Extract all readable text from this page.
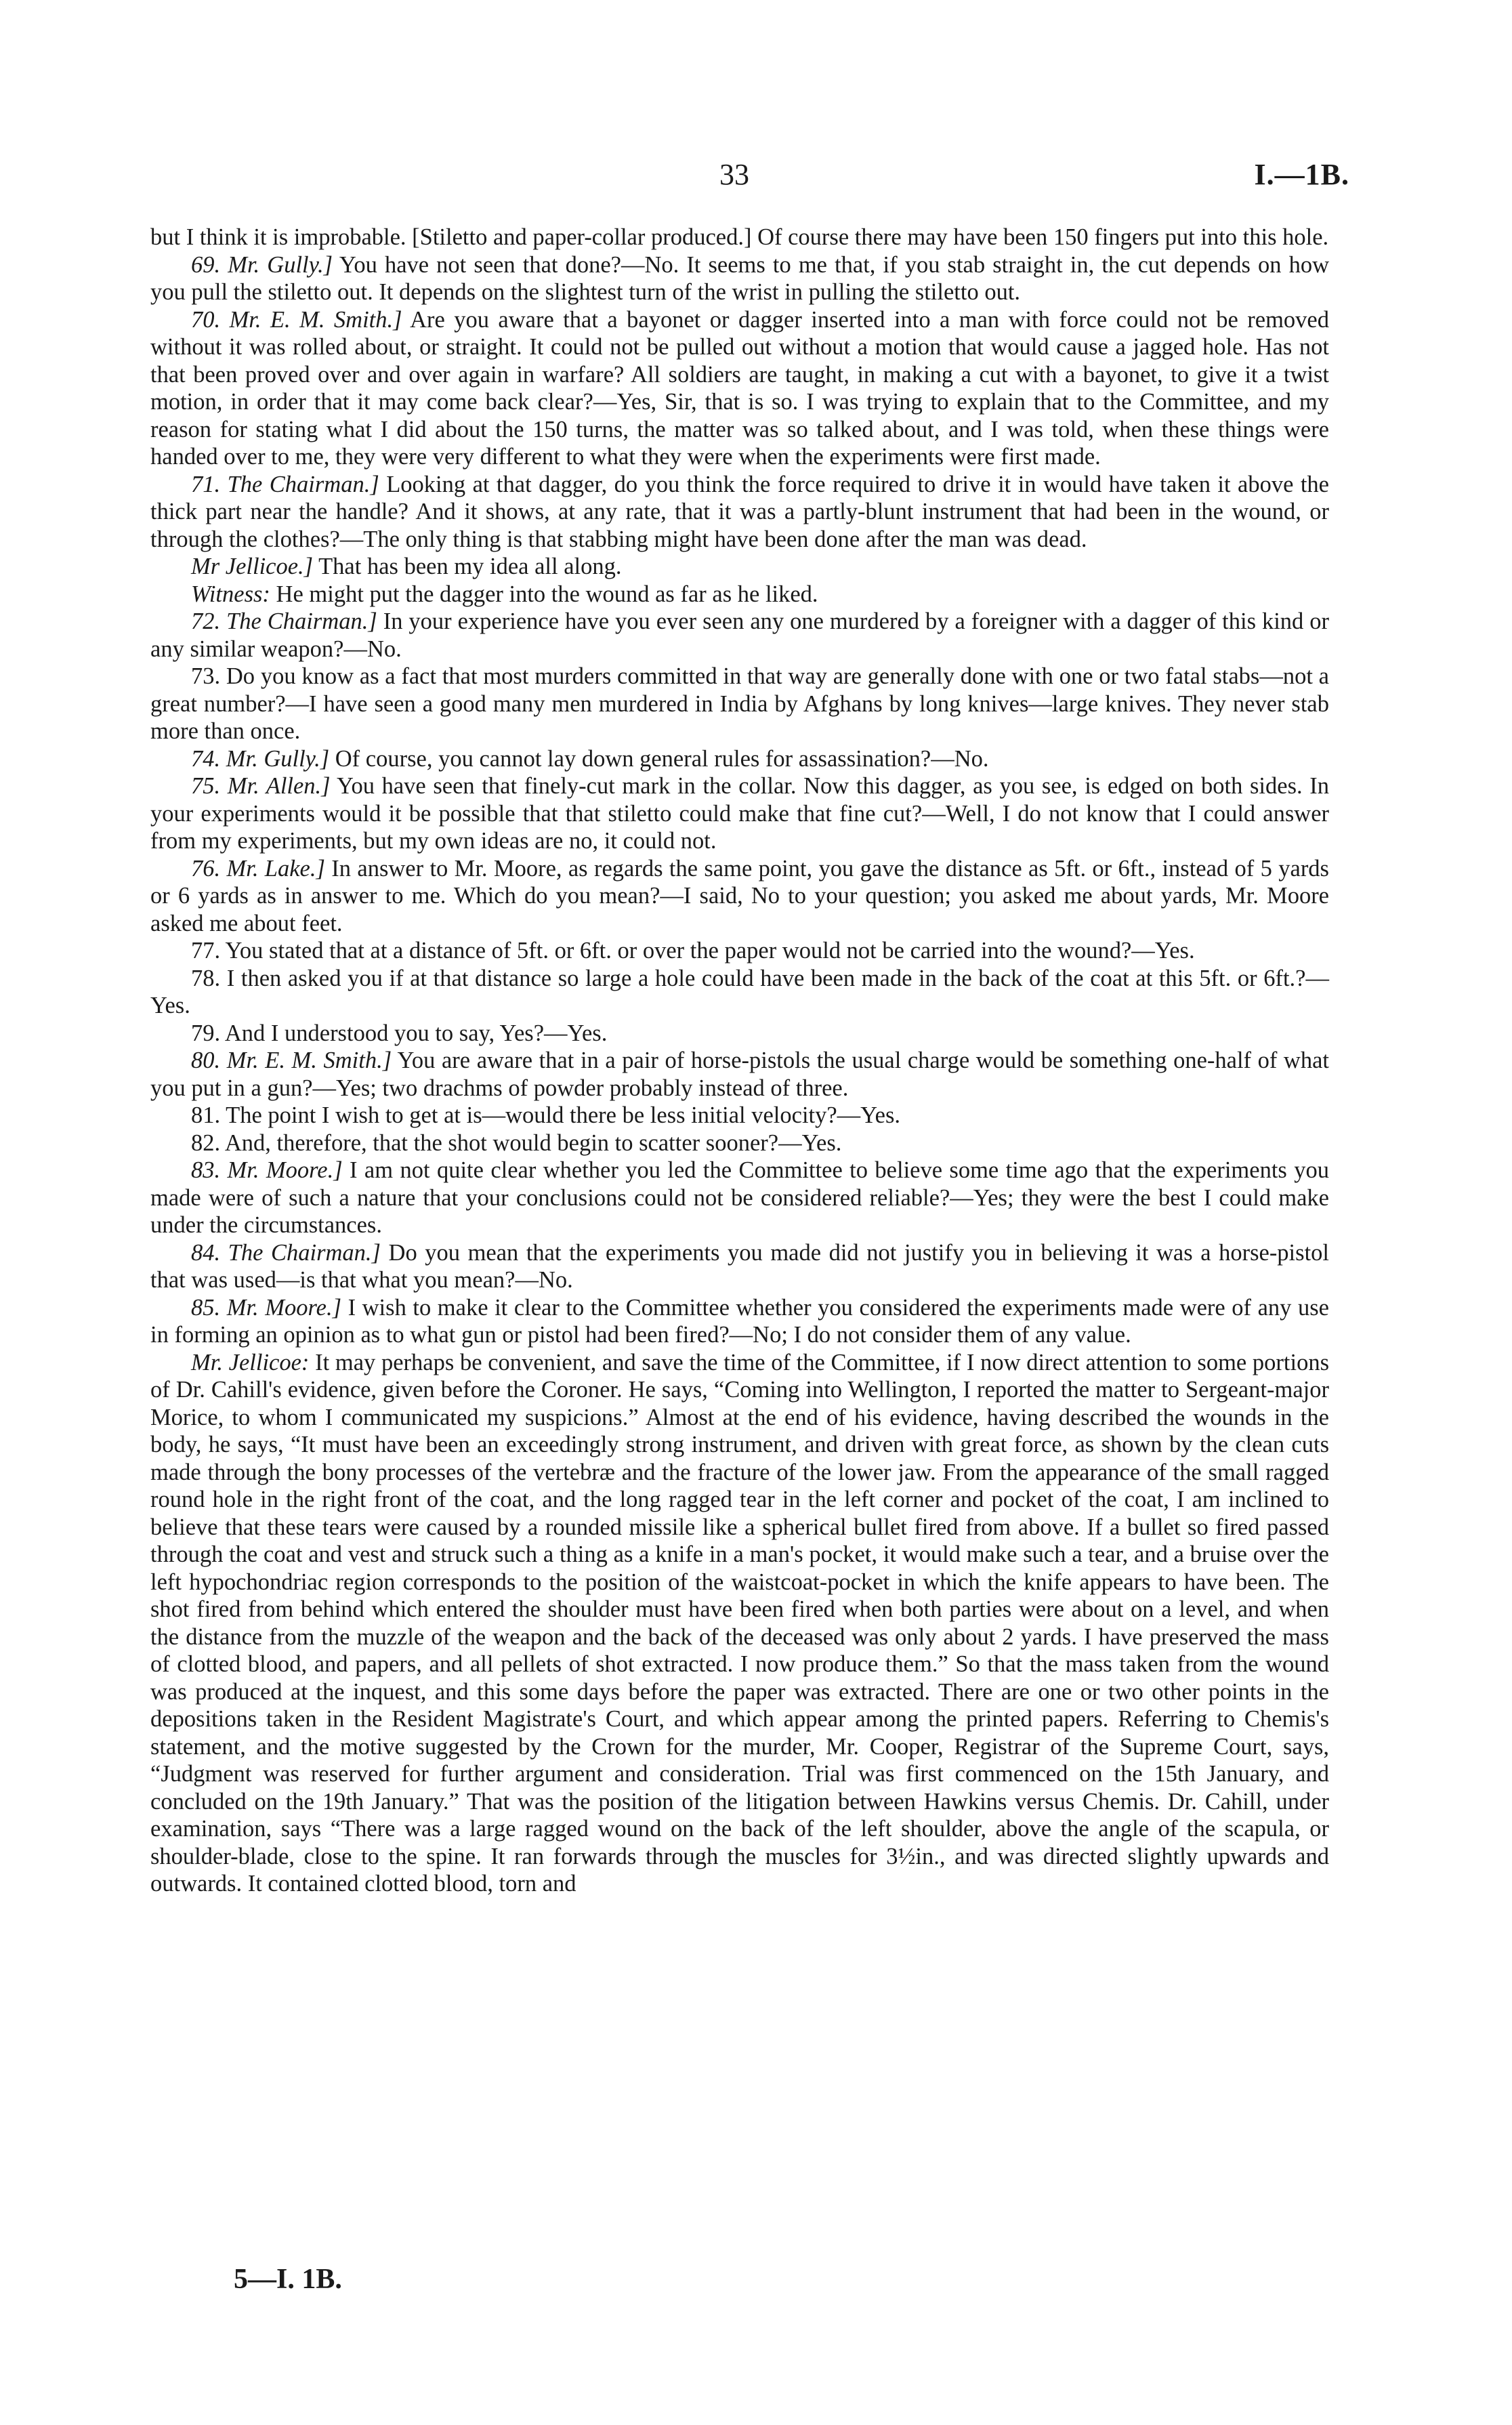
33	I.—1B.

but I think it is improbable. [Stiletto and paper-collar produced.] Of course there may have been 150 fingers put into this hole.

69. Mr. Gully.] You have not seen that done?—No. It seems to me that, if you stab straight in, the cut depends on how you pull the stiletto out. It depends on the slightest turn of the wrist in pulling the stiletto out.

70. Mr. E. M. Smith.] Are you aware that a bayonet or dagger inserted into a man with force could not be removed without it was rolled about, or straight. It could not be pulled out without a motion that would cause a jagged hole. Has not that been proved over and over again in warfare? All soldiers are taught, in making a cut with a bayonet, to give it a twist motion, in order that it may come back clear?—Yes, Sir, that is so. I was trying to explain that to the Committee, and my reason for stating what I did about the 150 turns, the matter was so talked about, and I was told, when these things were handed over to me, they were very different to what they were when the experiments were first made.

71. The Chairman.] Looking at that dagger, do you think the force required to drive it in would have taken it above the thick part near the handle? And it shows, at any rate, that it was a partly-blunt instrument that had been in the wound, or through the clothes?—The only thing is that stabbing might have been done after the man was dead.

Mr Jellicoe.] That has been my idea all along.

Witness: He might put the dagger into the wound as far as he liked.

72. The Chairman.] In your experience have you ever seen any one murdered by a foreigner with a dagger of this kind or any similar weapon?—No.

73. Do you know as a fact that most murders committed in that way are generally done with one or two fatal stabs—not a great number?—I have seen a good many men murdered in India by Afghans by long knives—large knives. They never stab more than once.

74. Mr. Gully.] Of course, you cannot lay down general rules for assassination?—No.

75. Mr. Allen.] You have seen that finely-cut mark in the collar. Now this dagger, as you see, is edged on both sides. In your experiments would it be possible that that stiletto could make that fine cut?—Well, I do not know that I could answer from my experiments, but my own ideas are no, it could not.

76. Mr. Lake.] In answer to Mr. Moore, as regards the same point, you gave the distance as 5ft. or 6ft., instead of 5 yards or 6 yards as in answer to me. Which do you mean?—I said, No to your question; you asked me about yards, Mr. Moore asked me about feet.

77. You stated that at a distance of 5ft. or 6ft. or over the paper would not be carried into the wound?—Yes.

78. I then asked you if at that distance so large a hole could have been made in the back of the coat at this 5ft. or 6ft.?—Yes.

79. And I understood you to say, Yes?—Yes.

80. Mr. E. M. Smith.] You are aware that in a pair of horse-pistols the usual charge would be something one-half of what you put in a gun?—Yes; two drachms of powder probably instead of three.

81. The point I wish to get at is—would there be less initial velocity?—Yes.

82. And, therefore, that the shot would begin to scatter sooner?—Yes.

83. Mr. Moore.] I am not quite clear whether you led the Committee to believe some time ago that the experiments you made were of such a nature that your conclusions could not be considered reliable?—Yes; they were the best I could make under the circumstances.

84. The Chairman.] Do you mean that the experiments you made did not justify you in believing it was a horse-pistol that was used—is that what you mean?—No.

85. Mr. Moore.] I wish to make it clear to the Committee whether you considered the experiments made were of any use in forming an opinion as to what gun or pistol had been fired?—No; I do not consider them of any value.

Mr. Jellicoe: It may perhaps be convenient, and save the time of the Committee, if I now direct attention to some portions of Dr. Cahill's evidence, given before the Coroner. He says, “Coming into Wellington, I reported the matter to Sergeant-major Morice, to whom I communicated my suspicions.” Almost at the end of his evidence, having described the wounds in the body, he says, “It must have been an exceedingly strong instrument, and driven with great force, as shown by the clean cuts made through the bony processes of the vertebræ and the fracture of the lower jaw. From the appearance of the small ragged round hole in the right front of the coat, and the long ragged tear in the left corner and pocket of the coat, I am inclined to believe that these tears were caused by a rounded missile like a spherical bullet fired from above. If a bullet so fired passed through the coat and vest and struck such a thing as a knife in a man's pocket, it would make such a tear, and a bruise over the left hypochondriac region corresponds to the position of the waistcoat-pocket in which the knife appears to have been. The shot fired from behind which entered the shoulder must have been fired when both parties were about on a level, and when the distance from the muzzle of the weapon and the back of the deceased was only about 2 yards. I have preserved the mass of clotted blood, and papers, and all pellets of shot extracted. I now produce them.” So that the mass taken from the wound was produced at the inquest, and this some days before the paper was extracted. There are one or two other points in the depositions taken in the Resident Magistrate's Court, and which appear among the printed papers. Referring to Chemis's statement, and the motive suggested by the Crown for the murder, Mr. Cooper, Registrar of the Supreme Court, says, “Judgment was reserved for further argument and consideration. Trial was first commenced on the 15th January, and concluded on the 19th January.” That was the position of the litigation between Hawkins versus Chemis. Dr. Cahill, under examination, says “There was a large ragged wound on the back of the left shoulder, above the angle of the scapula, or shoulder-blade, close to the spine. It ran forwards through the muscles for 3½in., and was directed slightly upwards and outwards. It contained clotted blood, torn and

5—I. 1B.
